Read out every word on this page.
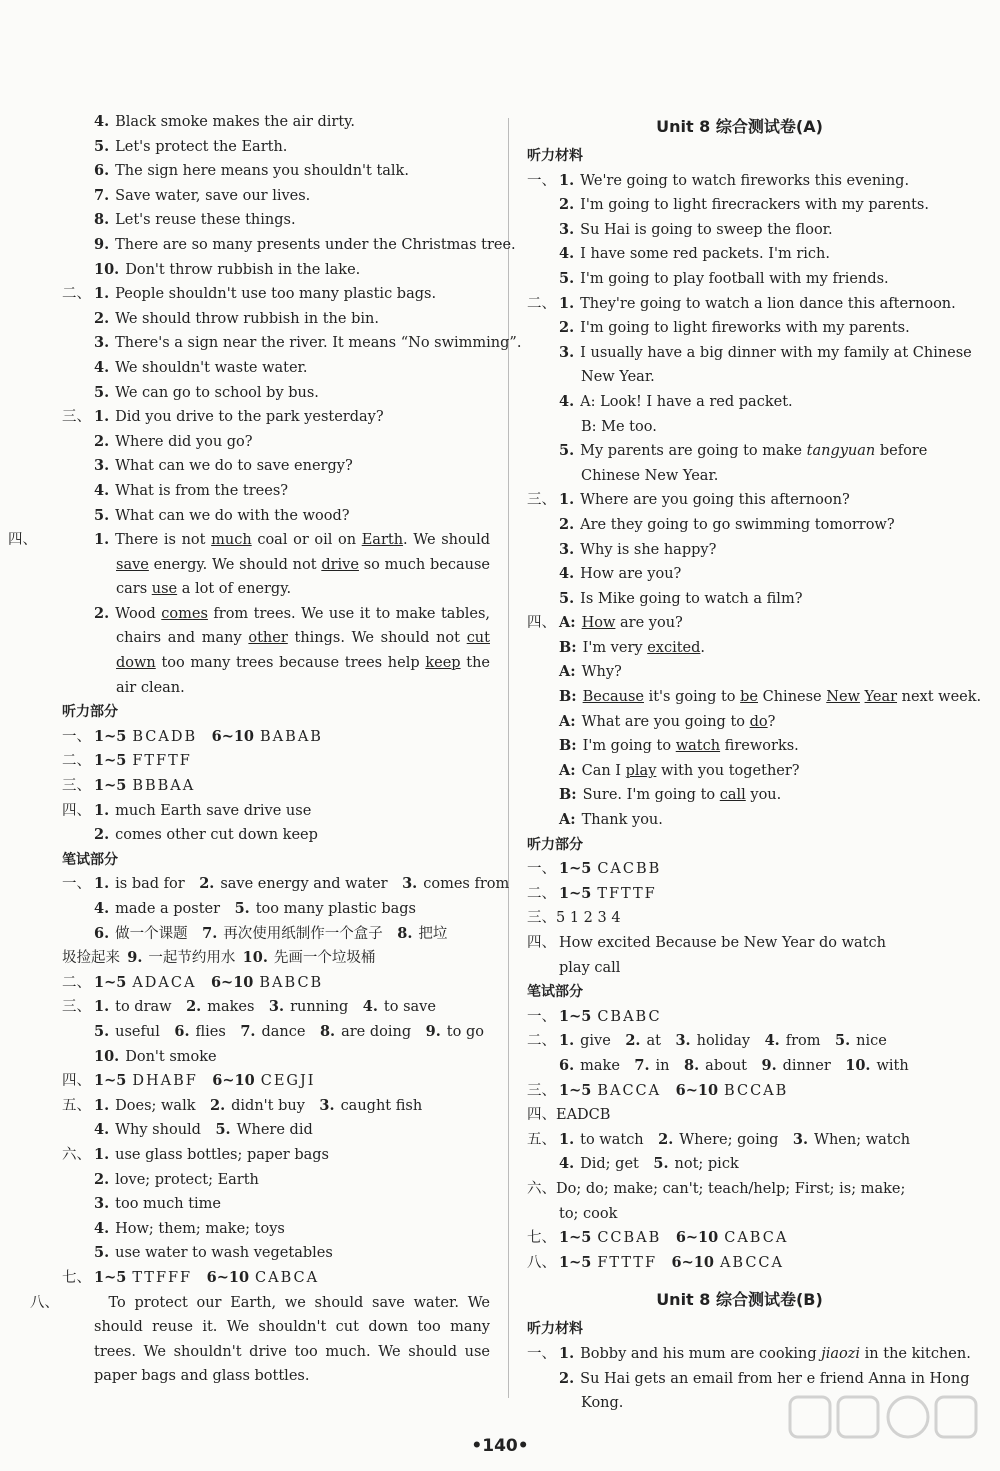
4. Black smoke makes the air dirty.
5. Let's protect the Earth.
6. The sign here means you shouldn't talk.
7. Save water, save our lives.
8. Let's reuse these things.
9. There are so many presents under the Christmas tree.
10. Don't throw rubbish in the lake.
二、 1. People shouldn't use too many plastic bags.
2. We should throw rubbish in the bin.
3. There's a sign near the river. It means “No swimming”.
4. We shouldn't waste water.
5. We can go to school by bus.
三、 1. Did you drive to the park yesterday?
2. Where did you go?
3. What can we do to save energy?
4. What is from the trees?
5. What can we do with the wood?
四、	1. There is not much coal or oil on Earth. We should save energy. We should not drive so much because cars use a lot of energy.
2. Wood comes from trees. We use it to make tables, chairs and many other things. We should not cut down too many trees because trees help keep the air clean.
听力部分
一、 1~5 BCADB  6~10 BABAB
二、 1~5 FTFTF
三、 1~5 BBBAA
四、 1. much Earth save drive use
2. comes other cut down keep
笔试部分
一、 1. is bad for  2. save energy and water  3. comes from 
4. made a poster  5. too many plastic bags 
6. 做一个课题  7. 再次使用纸制作一个盒子  8. 把垃 
圾捡起来  9. 一起节约用水  10. 先画一个垃圾桶
二、 1~5 ADACA  6~10 BABCB
三、 1. to draw  2. makes  3. running  4. to save 
5. useful  6. flies  7. dance  8. are doing  9. to go 
10. Don't smoke
四、 1~5 DHABF  6~10 CEGJI
五、 1. Does; walk  2. didn't buy  3. caught fish 
4. Why should  5. Where did 
六、 1. use glass bottles; paper bags
2. love; protect; Earth
3. too much time
4. How; them; make; toys
5. use water to wash vegetables
七、 1~5 TTFFF  6~10 CABCA
八、 To protect our Earth, we should save water. We should reuse it. We shouldn't cut down too many trees. We shouldn't drive too much. We should use paper bags and glass bottles.
Unit 8 综合测试卷(A)
听力材料
一、 1. We're going to watch fireworks this evening.
2. I'm going to light firecrackers with my parents.
3. Su Hai is going to sweep the floor.
4. I have some red packets. I'm rich.
5. I'm going to play football with my friends.
二、 1. They're going to watch a lion dance this afternoon.
2. I'm going to light fireworks with my parents.
3. I usually have a big dinner with my family at Chinese
New Year.
4. A: Look! I have a red packet.
B: Me too.
5. My parents are going to make tangyuan before
Chinese New Year.
三、 1. Where are you going this afternoon?
2. Are they going to go swimming tomorrow?
3. Why is she happy?
4. How are you?
5. Is Mike going to watch a film?
四、 A: How are you?
B: I'm very excited.
A: Why?
B: Because it's going to be Chinese New Year next week.
A: What are you going to do?
B: I'm going to watch fireworks.
A: Can I play with you together?
B: Sure. I'm going to call you.
A: Thank you.
听力部分
一、 1~5 CACBB
二、 1~5 TFTTF
三、5 1 2 3 4
四、 How excited Because be New Year do watch
play call
笔试部分
一、 1~5 CBABC
二、 1. give  2. at  3. holiday  4. from  5. nice 
6. make  7. in  8. about  9. dinner  10. with 
三、 1~5 BACCA  6~10 BCCAB
四、EADCB
五、 1. to watch  2. Where; going  3. When; watch 
4. Did; get  5. not; pick 
六、Do; do; make; can't; teach/help; First; is; make;
to; cook
七、 1~5 CCBAB  6~10 CABCA
八、 1~5 FTTTF  6~10 ABCCA
Unit 8 综合测试卷(B)
听力材料
一、 1. Bobby and his mum are cooking jiaozi in the kitchen.
2. Su Hai gets an email from her e friend Anna in Hong
Kong.
•140•
